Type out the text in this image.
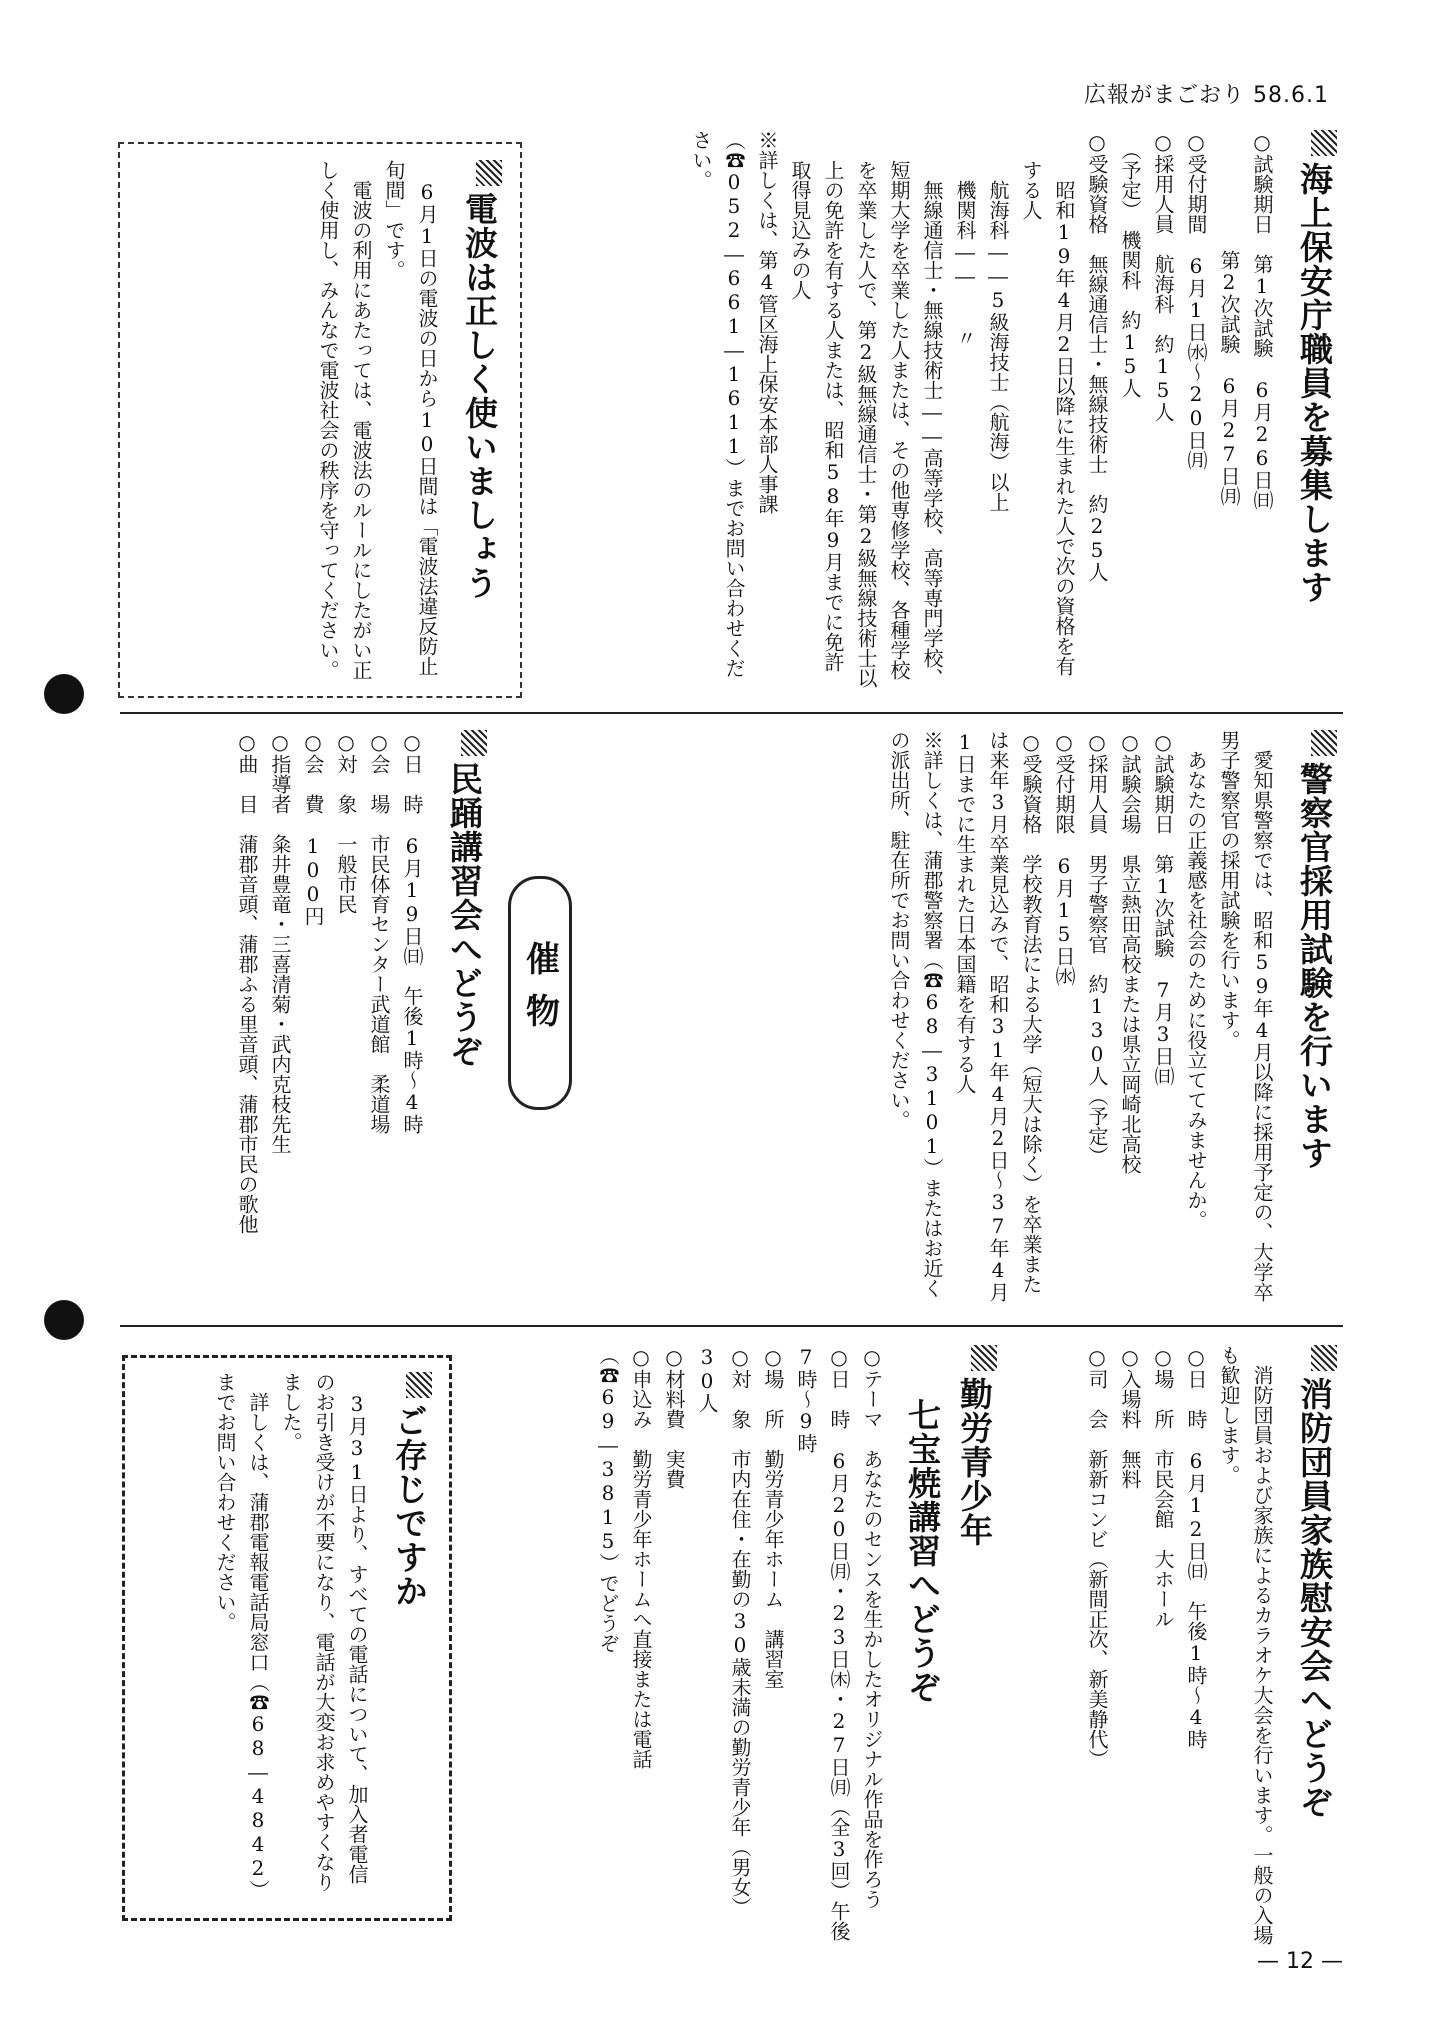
広報がまごおり 58.6.1
海上保安庁職員を募集します
○試験期日　第1次試験　6月26日㈰
　　　　　　第2次試験　6月27日㈪
○受付期間　6月1日㈬～20日㈪
○採用人員　航海科　約15人
　（予定）　機関科　約15人
○受験資格　無線通信士・無線技術士　約25人
　昭和19年4月2日以降に生まれた人で次の資格を有する人
　航海科――5級海技士（航海）以上
　機関科――　　〃
　無線通信士・無線技術士――高等学校、高等専門学校、短期大学を卒業した人または、その他専修学校、各種学校を卒業した人で、第2級無線通信士・第2級無線技術士以上の免許を有する人または、昭和58年9月までに免許取得見込みの人
※詳しくは、第4管区海上保安本部人事課（☎052―661―1611）までお問い合わせください。
電波は正しく使いましょう
　6月1日の電波の日から10日間は「電波法違反防止旬間」です。
　電波の利用にあたっては、電波法のルールにしたがい正しく使用し、みんなで電波社会の秩序を守ってください。
警察官採用試験を行います
　愛知県警察では、昭和59年4月以降に採用予定の、大学卒男子警察官の採用試験を行います。
　あなたの正義感を社会のために役立ててみませんか。
○試験期日　第1次試験　7月3日㈰
○試験会場　県立熱田高校または県立岡崎北高校
○採用人員　男子警察官　約130人（予定）
○受付期限　6月15日㈬
○受験資格　学校教育法による大学（短大は除く）を卒業または来年3月卒業見込みで、昭和31年4月2日～37年4月1日までに生まれた日本国籍を有する人
※詳しくは、蒲郡警察署（☎68―3101）またはお近くの派出所、駐在所でお問い合わせください。
催物
民踊講習会へどうぞ
○日　時　6月19日㈰　午後1時～4時
○会　場　市民体育センター武道館　柔道場
○対　象　一般市民
○会　費　100円
○指導者　粂井豊竜・三喜清菊・武内克枝先生
○曲　目　蒲郡音頭、蒲郡ふる里音頭、蒲郡市民の歌他
消防団員家族慰安会へどうぞ
　消防団員および家族によるカラオケ大会を行います。一般の入場も歓迎します。
○日　時　6月12日㈰　午後1時～4時
○場　所　市民会館　大ホール
○入場料　無料
○司　会　新新コンビ（新間正次、新美静代）
勤労青少年
七宝焼講習へどうぞ
○テーマ　あなたのセンスを生かしたオリジナル作品を作ろう
○日　時　6月20日㈪・23日㈭・27日㈪（全3回）午後7時～9時
○場　所　勤労青少年ホーム　講習室
○対　象　市内在住・在勤の30歳未満の勤労青少年（男女）30人
○材料費　実費
○申込み　勤労青少年ホームへ直接または電話（☎69―3815）でどうぞ
ご存じですか
　3月31日より、すべての電話について、加入者電信のお引き受けが不要になり、電話が大変お求めやすくなりました。
　詳しくは、蒲郡電報電話局窓口（☎68―4842）までお問い合わせください。
— 12 —
